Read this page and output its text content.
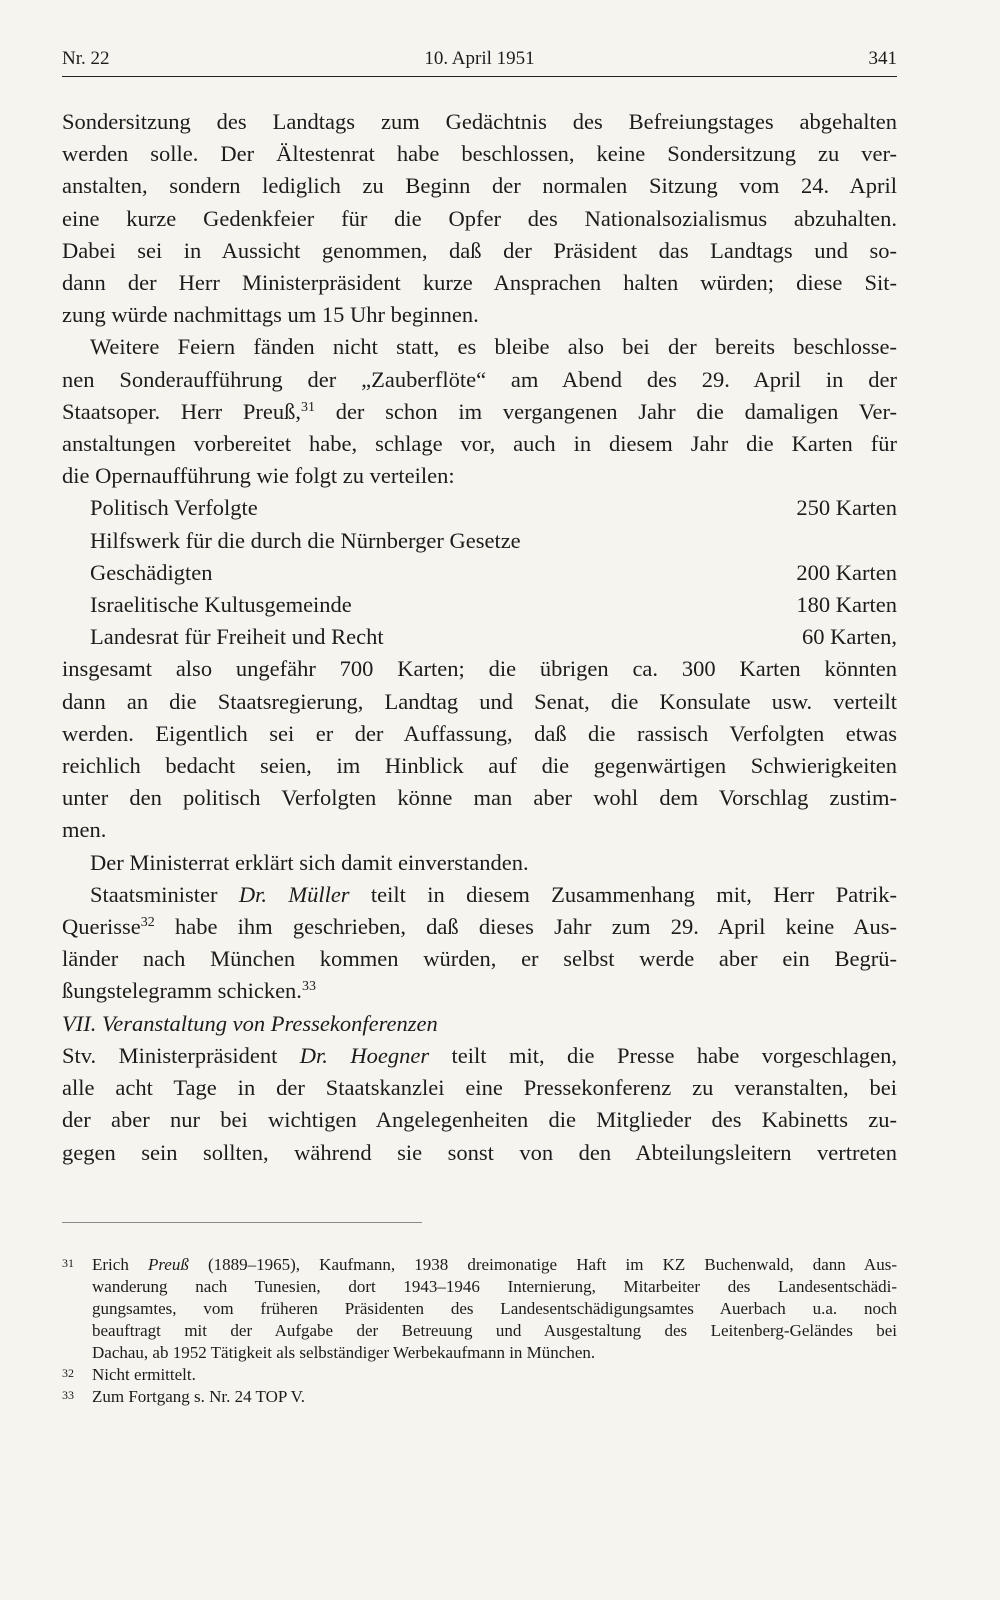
Nr. 22	10. April 1951	341

Sondersitzung des Landtags zum Gedächtnis des Befreiungstages abgehalten

werden solle. Der Ältestenrat habe beschlossen, keine Sondersitzung zu ver-

anstalten, sondern lediglich zu Beginn der normalen Sitzung vom 24. April

eine kurze Gedenkfeier für die Opfer des Nationalsozialismus abzuhalten.

Dabei sei in Aussicht genommen, daß der Präsident das Landtags und so-

dann der Herr Ministerpräsident kurze Ansprachen halten würden; diese Sit-

zung würde nachmittags um 15 Uhr beginnen.

Weitere Feiern fänden nicht statt, es bleibe also bei der bereits beschlosse-

nen Sonderaufführung der „Zauberflöte“ am Abend des 29. April in der

Staatsoper. Herr Preuß,$^{31}$ der schon im vergangenen Jahr die damaligen Ver-

anstaltungen vorbereitet habe, schlage vor, auch in diesem Jahr die Karten für

die Opernaufführung wie folgt zu verteilen:

Politisch Verfolgte	250 Karten
Hilfswerk für die durch die Nürnberger Gesetze
Geschädigten	200 Karten
Israelitische Kultusgemeinde	180 Karten
Landesrat für Freiheit und Recht	60 Karten,

insgesamt also ungefähr 700 Karten; die übrigen ca. 300 Karten könnten

dann an die Staatsregierung, Landtag und Senat, die Konsulate usw. verteilt

werden. Eigentlich sei er der Auffassung, daß die rassisch Verfolgten etwas

reichlich bedacht seien, im Hinblick auf die gegenwärtigen Schwierigkeiten

unter den politisch Verfolgten könne man aber wohl dem Vorschlag zustim-

men.

Der Ministerrat erklärt sich damit einverstanden.

Staatsminister Dr. Müller teilt in diesem Zusammenhang mit, Herr Patrik-

Querisse$^{32}$ habe ihm geschrieben, daß dieses Jahr zum 29. April keine Aus-

länder nach München kommen würden, er selbst werde aber ein Begrü-

ßungstelegramm schicken.$^{33}$

VII. Veranstaltung von Pressekonferenzen

Stv. Ministerpräsident Dr. Hoegner teilt mit, die Presse habe vorgeschlagen,

alle acht Tage in der Staatskanzlei eine Pressekonferenz zu veranstalten, bei

der aber nur bei wichtigen Angelegenheiten die Mitglieder des Kabinetts zu-

gegen sein sollten, während sie sonst von den Abteilungsleitern vertreten

31	Erich Preuß (1889–1965), Kaufmann, 1938 dreimonatige Haft im KZ Buchenwald, dann Aus-
wanderung nach Tunesien, dort 1943–1946 Internierung, Mitarbeiter des Landesentschädi-
gungsamtes, vom früheren Präsidenten des Landesentschädigungsamtes Auerbach u.a. noch
beauftragt mit der Aufgabe der Betreuung und Ausgestaltung des Leitenberg-Geländes bei
Dachau, ab 1952 Tätigkeit als selbständiger Werbekaufmann in München.
32	Nicht ermittelt.
33	Zum Fortgang s. Nr. 24 TOP V.
